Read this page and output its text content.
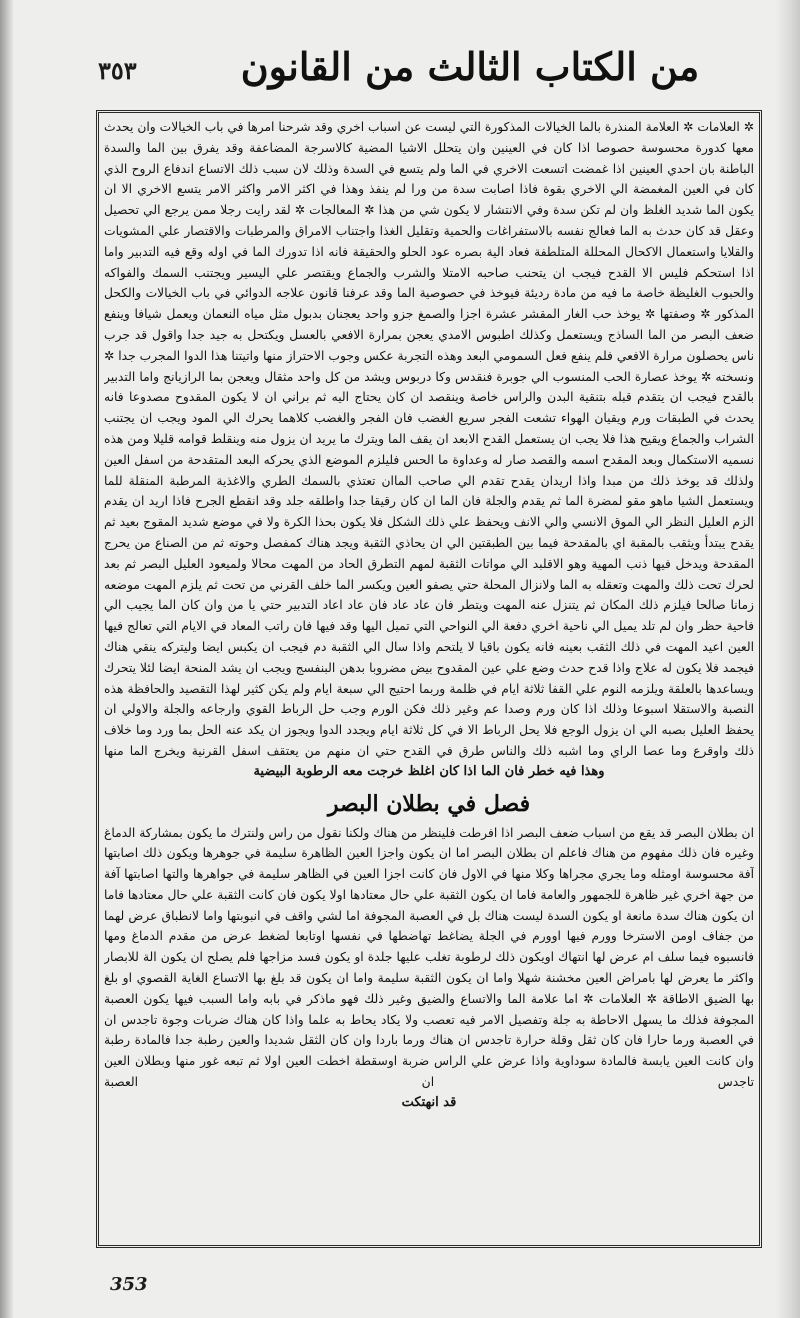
٣٥٣	من الكتاب الثالث من القانون

✲ العلامات ✲ العلامة المنذرة بالما الخيالات المذكورة التي ليست عن اسباب اخري وقد شرحنا امرها في باب الخيالات وان يحدث معها كدورة محسوسة حصوصا اذا كان في العينين وان يتحلل الاشيا المضية كالاسرجة المضاعفة وقد يفرق بين الما والسدة الباطنة بان احدي العينين اذا غمضت اتسعت الاخري في الما ولم يتسع في السدة وذلك لان سبب ذلك الاتساع اندفاع الروح الذي كان في العين المغمضة الي الاخري بقوة فاذا اصابت سدة من ورا لم ينفذ وهذا في اكثر الامر واكثر الامر يتسع الاخري الا ان يكون الما شديد الغلظ وان لم تكن سدة وفي الانتشار لا يكون شي من هذا ✲ المعالجات ✲ لقد رايت رجلا ممن يرجع الي تحصيل وعقل قد كان حدث به الما فعالج نفسه بالاستفراغات والحمية وتقليل الغذا واجتناب الامراق والمرطبات والاقتصار علي المشويات والقلايا واستعمال الاكحال المحللة المتلطفة فعاد الية بصره عود الحلو والحقيقة فانه اذا تدورك الما في اوله وقع فيه التدبير واما اذا استحكم فليس الا القدح فيجب ان يتحنب صاحبه الامتلا والشرب والجماع ويقتصر علي اليسير ويجتنب السمك والفواكه والحبوب الغليظة خاصة ما فيه من مادة رديئة فيوخذ في حصوصية الما وقد عرفنا قانون علاجه الدوائي في باب الخيالات والكحل المذكور ✲ وصفتها ✲ يوخذ حب الغار المقشر عشرة اجزا والصمغ جزو واحد يعجنان بدبول مثل مياه النعمان ويعمل شيافا وينفع ضعف البصر من الما الساذج ويستعمل وكذلك اطبوس الامدي يعجن بمرارة الافعي بالعسل ويكتحل به جيد جدا واقول قد جرب ناس يحصلون مرارة الافعي فلم ينفع فعل السمومي البعد وهذه التجربة عكس وجوب الاحتراز منها واتيتنا هذا الدوا المجرب جدا ✲ ونسخته ✲ يوخذ عصارة الحب المنسوب الي جوبرة فنقدس وكا دربوس ويشد من كل واحد مثقال ويعجن بما الرازيانج واما التدبير بالقدح فيجب ان يتقدم قبله بتنقية البدن والراس خاصة وينقصد ان كان يحتاج اليه ثم براني ان لا يكون المقدوح مصدوعا فانه يحدث في الطبقات ورم ويقيان الهواء تشعت الفجر سريع الغضب فان الفجر والغضب كلاهما يحرك الي المود ويجب ان يجتنب الشراب والجماع ويقيح هذا فلا يجب ان يستعمل القدح الابعد ان يقف الما ويترك ما يريد ان يزول منه وينقلط قوامه قليلا ومن هذه نسميه الاستكمال وبعد المقدح اسمه والقصد صار له وعداوة ما الحس فليلزم الموضع الذي يحركه البعد المتقدحة من اسفل العين ولذلك قد يوخذ ذلك من مبدا واذا اريدان يقدح تقدم الي صاحب الماان تعتذي بالسمك الطري والاغذية المرطبة المنقلة للما ويستعمل الشيا ماهو مقو لمضرة الما ثم يقدم والجلة فان الما ان كان رقيقا جدا واطلقه جلد وقد انقطع الجرح فاذا اريد ان يقدم الزم العليل النظر الي الموق الانسي والي الانف ويحفظ علي ذلك الشكل فلا يكون بحذا الكرة ولا في موضع شديد المقوج بعيد ثم يقدح يبتدأ ويثقب بالمقبة اي بالمقدحة فيما بين الطبقتين الي ان يحاذي الثقبة ويجد هناك كمفصل وحوته ثم من الصناع من يحرج المقدحة ويدخل فيها ذنب المهية وهو الاقلبد الي مواتات الثقبة لمهم التطرق الحاد من المهت محالا ولميعود العليل البصر ثم بعد لحرك تحت ذلك والمهت وتعقله به الما ولانزال المحلة حتي يصفو العين ويكسر الما خلف القرني من تحت ثم يلزم المهت موضعه زمانا صالحا فيلزم ذلك المكان ثم يتنزل عنه المهت ويتطر فان عاد عاد فان عاد اعاد التدبير حتي يا من وان كان الما يجيب الي فاحية حظر وان لم تلد يميل الي ناحية اخري دفعة الي النواحي التي تميل اليها وقد فيها فان راتب المعاد في الايام التي تعالج فيها العين اعيد المهت في ذلك الثقب بعينه فانه يكون باقيا لا يلتحم واذا سال الي الثقبة دم فيجب ان يكبس ايضا وليتركه ينقي هناك فيجمد فلا يكون له علاج واذا قدح حدث وضع علي عين المقدوح بيض مضروبا بدهن البنفسج ويجب ان يشد المنحة ايضا لئلا يتحرك ويساعدها بالعلقة ويلزمه النوم علي القفا ثلاثة ايام في ظلمة وربما احتيج الي سبعة ايام ولم يكن كثير لهذا التقصيد والحافظة هذه النصبة والاستقلا اسبوعا وذلك اذا كان ورم وصدا عم وغير ذلك فكن الورم وجب حل الرباط القوي وارجاعه والجلة والاولي ان يحفظ العليل بصبه الي ان يزول الوجع فلا يحل الرباط الا في كل ثلاثة ايام ويجدد الدوا ويجوز ان يكد عنه الحل بما ورد وما خلاف ذلك واوقرع وما عصا الراي وما اشبه ذلك والناس طرق في القدح حتي ان منهم من يعتقف اسفل القرنية ويخرج الما منها

وهذا فيه خطر فان الما اذا كان اغلظ خرجت معه الرطوبة البيضية

فصل في بطلان البصر

ان بطلان البصر قد يقع من اسباب ضعف البصر اذا افرطت فلينظر من هناك ولكنا نقول من راس ولنترك ما يكون بمشاركة الدماغ وغيره فان ذلك مفهوم من هناك فاعلم ان بطلان البصر اما ان يكون واجزا العين الظاهرة سليمة في جوهرها ويكون ذلك اصابتها آفة محسوسة اومثله وما يجري مجراها وكلا منها في الاول فان كانت اجزا العين في الظاهر سليمة في جواهرها والتها اصابتها آفة من جهة اخري غير ظاهرة للجمهور والعامة فاما ان يكون الثقبة علي حال معتادها اولا يكون فان كانت الثقبة علي حال معتادها فاما ان يكون هناك سدة مانعة او يكون السدة ليست هناك بل في العصبة المجوفة اما لشي واقف في انبوبتها واما لانطباق عرض لهما من جفاف اومن الاسترخا وورم فيها اوورم في الجلة يضاغط تهاضطها في نفسها اوتابعا لضغط عرض من مقدم الدماغ ومها فانسبوه فيما سلف ام عرض لها انتهاك اويكون ذلك لرطوبة تغلب عليها جلدة او يكون فسد مزاجها فلم يصلح ان يكون الة للابصار واكثر ما يعرض لها بامراض العين مخشنة شهلا واما ان يكون الثقبة سليمة واما ان يكون قد بلغ بها الاتساع الغاية القصوي او بلغ بها الضيق الاطاقة ✲ العلامات ✲ اما علامة الما والاتساع والضيق وغير ذلك فهو ماذكر في بابه واما السبب فيها يكون العصبة المجوفة فذلك ما يسهل الاحاطة به جلة وتفصيل الامر فيه تعصب ولا يكاد يحاط به علما واذا كان هناك ضربات وجوة تاجدس ان في العصبة ورما حارا فان كان ثقل وقلة حرارة تاجدس ان هناك ورما باردا وان كان الثقل شديدا والعين رطبة جدا فالمادة رطبة وان كانت العين يابسة فالمادة سوداوية واذا عرض علي الراس ضربة اوسقطة اخطت العين اولا ثم تبعه غور منها وبطلان العين تاجدس ان العصبة

قد انهتكت

353
